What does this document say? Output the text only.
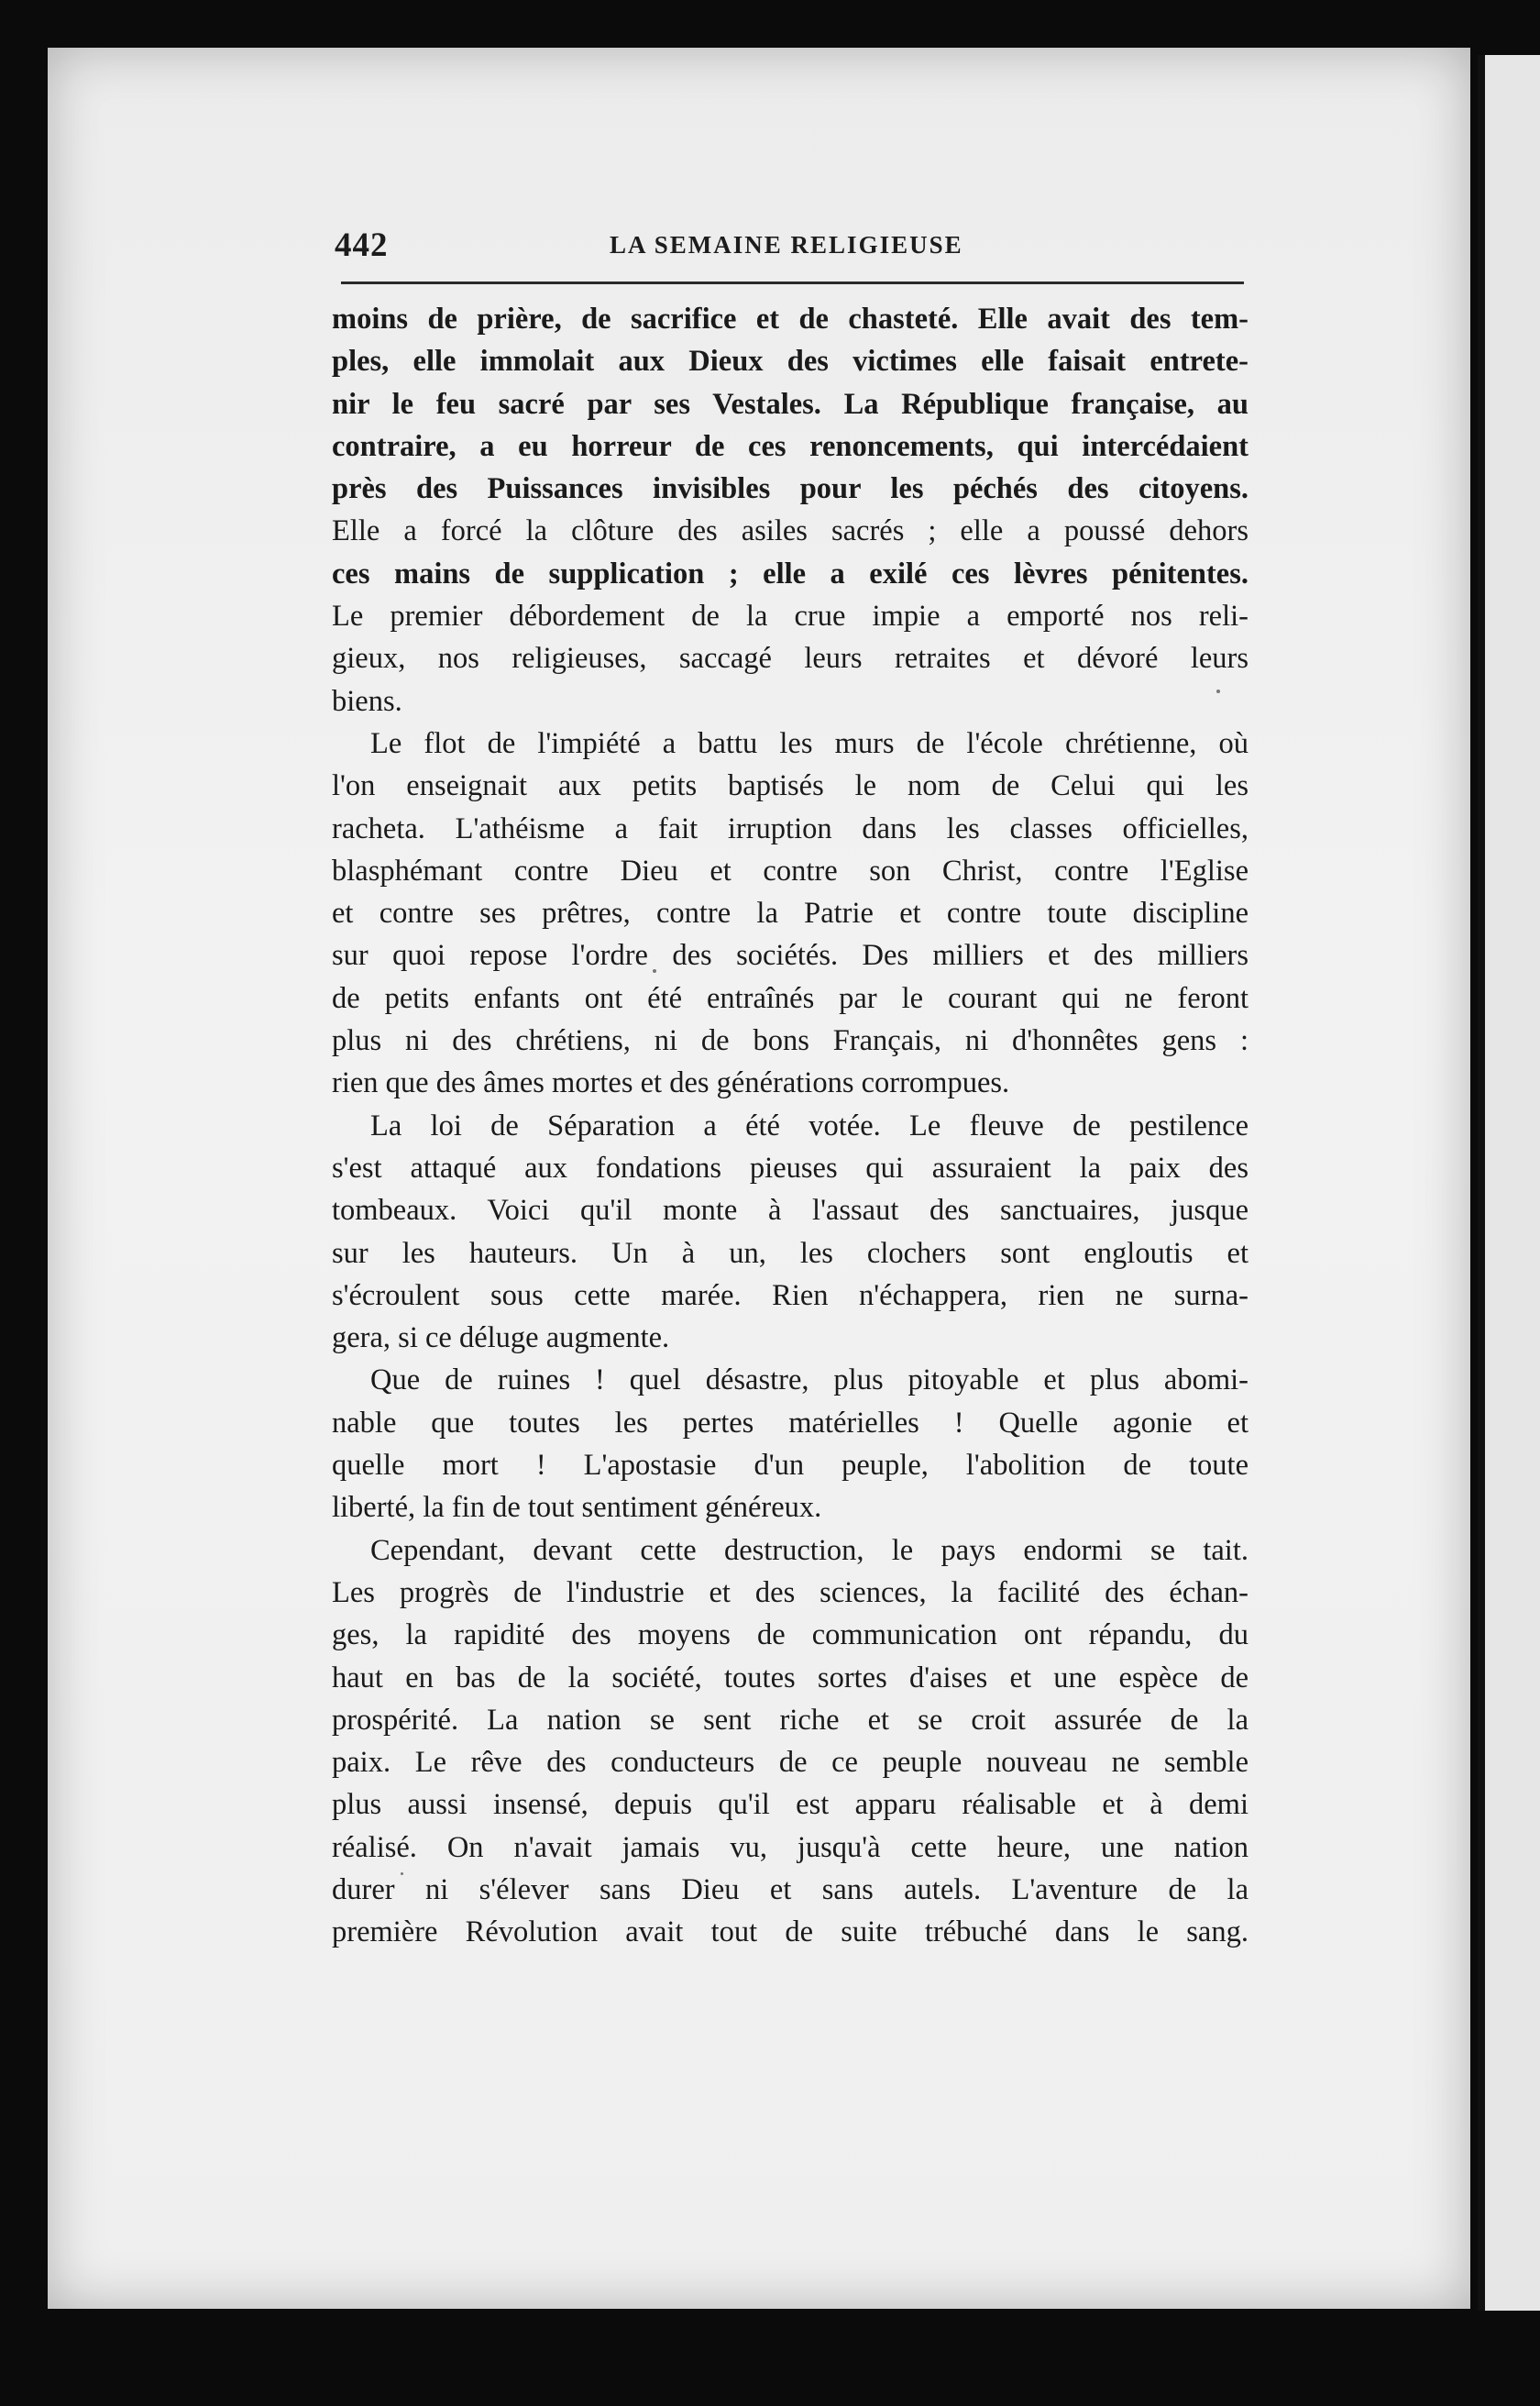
442	LA SEMAINE RELIGIEUSE
moins de prière, de sacrifice et de chasteté. Elle avait des tem-
ples, elle immolait aux Dieux des victimes elle faisait entrete-
nir le feu sacré par ses Vestales. La République française, au
contraire, a eu horreur de ces renoncements, qui intercédaient
près des Puissances invisibles pour les péchés des citoyens.
Elle a forcé la clôture des asiles sacrés ; elle a poussé dehors
ces mains de supplication ; elle a exilé ces lèvres pénitentes.
Le premier débordement de la crue impie a emporté nos reli-
gieux, nos religieuses, saccagé leurs retraites et dévoré leurs
biens.
Le flot de l'impiété a battu les murs de l'école chrétienne, où
l'on enseignait aux petits baptisés le nom de Celui qui les
racheta. L'athéisme a fait irruption dans les classes officielles,
blasphémant contre Dieu et contre son Christ, contre l'Eglise
et contre ses prêtres, contre la Patrie et contre toute discipline
sur quoi repose l'ordre des sociétés. Des milliers et des milliers
de petits enfants ont été entraînés par le courant qui ne feront
plus ni des chrétiens, ni de bons Français, ni d'honnêtes gens :
rien que des âmes mortes et des générations corrompues.
La loi de Séparation a été votée. Le fleuve de pestilence
s'est attaqué aux fondations pieuses qui assuraient la paix des
tombeaux. Voici qu'il monte à l'assaut des sanctuaires, jusque
sur les hauteurs. Un à un, les clochers sont engloutis et
s'écroulent sous cette marée. Rien n'échappera, rien ne surna-
gera, si ce déluge augmente.
Que de ruines ! quel désastre, plus pitoyable et plus abomi-
nable que toutes les pertes matérielles ! Quelle agonie et
quelle mort ! L'apostasie d'un peuple, l'abolition de toute
liberté, la fin de tout sentiment généreux.
Cependant, devant cette destruction, le pays endormi se tait.
Les progrès de l'industrie et des sciences, la facilité des échan-
ges, la rapidité des moyens de communication ont répandu, du
haut en bas de la société, toutes sortes d'aises et une espèce de
prospérité. La nation se sent riche et se croit assurée de la
paix. Le rêve des conducteurs de ce peuple nouveau ne semble
plus aussi insensé, depuis qu'il est apparu réalisable et à demi
réalisé. On n'avait jamais vu, jusqu'à cette heure, une nation
durer ni s'élever sans Dieu et sans autels. L'aventure de la
première Révolution avait tout de suite trébuché dans le sang.
